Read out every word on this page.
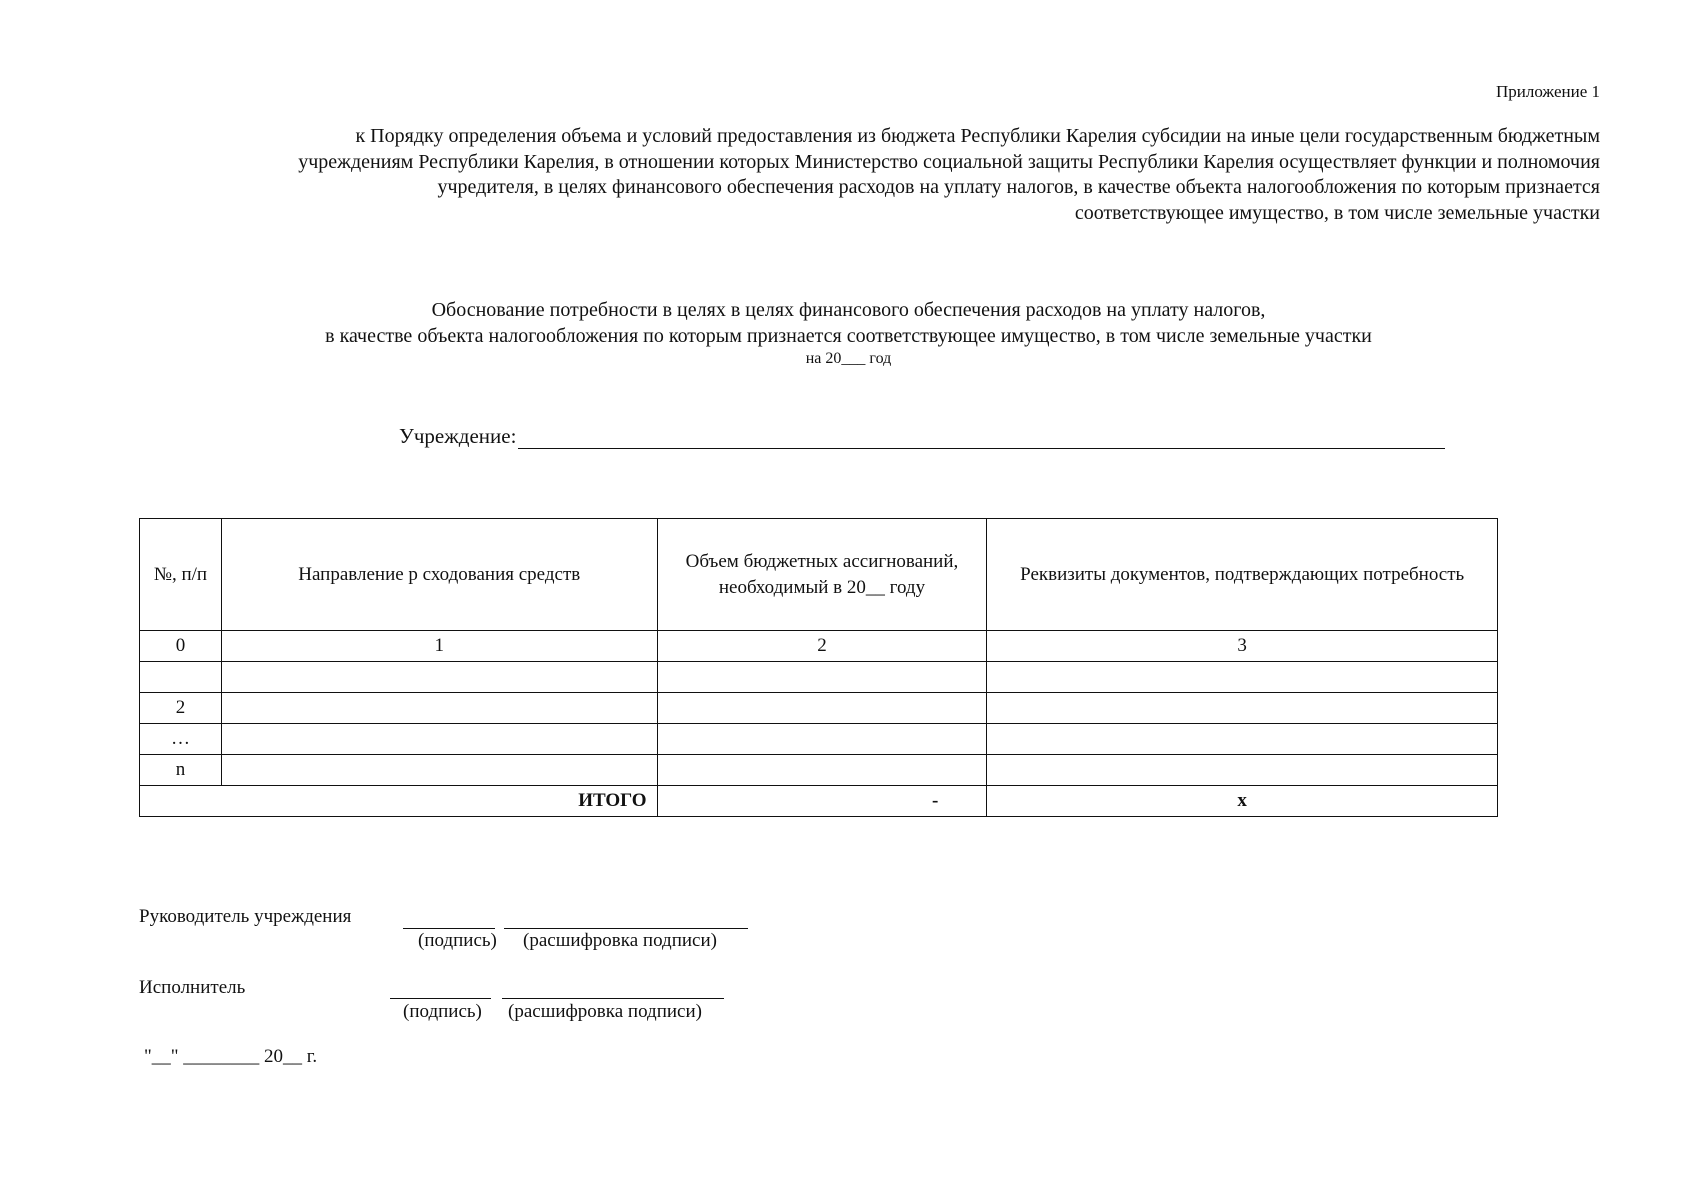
Приложение 1
к Порядку определения объема и условий предоставления из бюджета Республики Карелия субсидии на иные цели государственным бюджетным
учреждениям Республики Карелия, в отношении которых Министерство социальной защиты Республики Карелия осуществляет функции и полномочия
учредителя, в целях финансового обеспечения расходов на уплату налогов, в качестве объекта налогообложения по которым признается
соответствующее имущество, в том числе земельные участки
Обоснование потребности в целях в целях финансового обеспечения расходов на уплату налогов,
в качестве объекта налогообложения по которым признается соответствующее имущество, в том числе земельные участки
на 20___ год
Учреждение:
№, п/п	Направление р сходования средств	Объем бюджетных ассигнований, необходимый в 20__ году	Реквизиты документов, подтверждающих потребность
0	1	2	3

2			
…			
n			
ИТОГО		-	x
Руководитель учреждения
(подпись) (расшифровка подписи)
Исполнитель
(подпись) (расшифровка подписи)
"__" ________ 20__ г.
